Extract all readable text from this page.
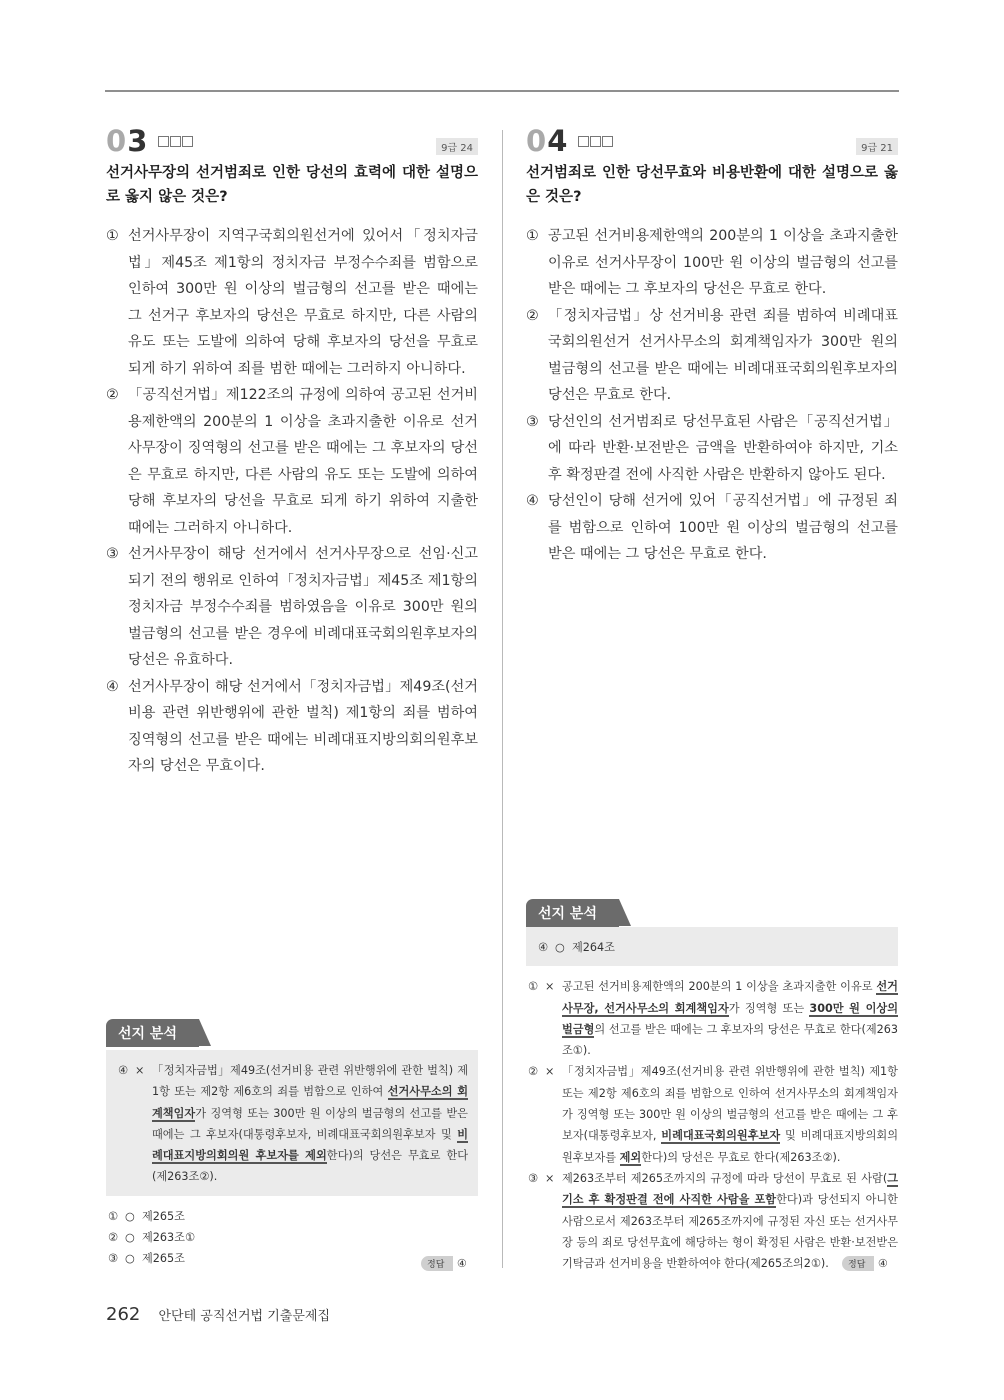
03	9급 24
선거사무장의 선거범죄로 인한 당선의 효력에 대한 설명으로 옳지 않은 것은?
① 선거사무장이 지역구국회의원선거에 있어서「정치자금법」제45조 제1항의 정치자금 부정수수죄를 범함으로 인하여 300만 원 이상의 벌금형의 선고를 받은 때에는 그 선거구 후보자의 당선은 무효로 하지만, 다른 사람의 유도 또는 도발에 의하여 당해 후보자의 당선을 무효로 되게 하기 위하여 죄를 범한 때에는 그러하지 아니하다.
② 「공직선거법」제122조의 규정에 의하여 공고된 선거비용제한액의 200분의 1 이상을 초과지출한 이유로 선거사무장이 징역형의 선고를 받은 때에는 그 후보자의 당선은 무효로 하지만, 다른 사람의 유도 또는 도발에 의하여 당해 후보자의 당선을 무효로 되게 하기 위하여 지출한 때에는 그러하지 아니하다.
③ 선거사무장이 해당 선거에서 선거사무장으로 선임·신고되기 전의 행위로 인하여「정치자금법」제45조 제1항의 정치자금 부정수수죄를 범하였음을 이유로 300만 원의 벌금형의 선고를 받은 경우에 비례대표국회의원후보자의 당선은 유효하다.
④ 선거사무장이 해당 선거에서「정치자금법」제49조(선거비용 관련 위반행위에 관한 벌칙) 제1항의 죄를 범하여 징역형의 선고를 받은 때에는 비례대표지방의회의원후보자의 당선은 무효이다.
04	9급 21
선거범죄로 인한 당선무효와 비용반환에 대한 설명으로 옳은 것은?
① 공고된 선거비용제한액의 200분의 1 이상을 초과지출한 이유로 선거사무장이 100만 원 이상의 벌금형의 선고를 받은 때에는 그 후보자의 당선은 무효로 한다.
② 「정치자금법」상 선거비용 관련 죄를 범하여 비례대표국회의원선거 선거사무소의 회계책임자가 300만 원의 벌금형의 선고를 받은 때에는 비례대표국회의원후보자의 당선은 무효로 한다.
③ 당선인의 선거범죄로 당선무효된 사람은「공직선거법」에 따라 반환·보전받은 금액을 반환하여야 하지만, 기소 후 확정판결 전에 사직한 사람은 반환하지 않아도 된다.
④ 당선인이 당해 선거에 있어「공직선거법」에 규정된 죄를 범함으로 인하여 100만 원 이상의 벌금형의 선고를 받은 때에는 그 당선은 무효로 한다.
선지 분석
④ × 「정치자금법」제49조(선거비용 관련 위반행위에 관한 벌칙) 제1항 또는 제2항 제6호의 죄를 범함으로 인하여 선거사무소의 회계책임자가 징역형 또는 300만 원 이상의 벌금형의 선고를 받은 때에는 그 후보자(대통령후보자, 비례대표국회의원후보자 및 비례대표지방의회의원 후보자를 제외한다)의 당선은 무효로 한다(제263조②).
① ○ 제265조
② ○ 제263조①
③ ○ 제265조	정답 ④
선지 분석
④ ○ 제264조
① × 공고된 선거비용제한액의 200분의 1 이상을 초과지출한 이유로 선거사무장, 선거사무소의 회계책임자가 징역형 또는 300만 원 이상의 벌금형의 선고를 받은 때에는 그 후보자의 당선은 무효로 한다(제263조①).
② × 「정치자금법」제49조(선거비용 관련 위반행위에 관한 벌칙) 제1항 또는 제2항 제6호의 죄를 범함으로 인하여 선거사무소의 회계책임자가 징역형 또는 300만 원 이상의 벌금형의 선고를 받은 때에는 그 후보자(대통령후보자, 비례대표국회의원후보자 및 비례대표지방의회의원후보자를 제외한다)의 당선은 무효로 한다(제263조②).
③ × 제263조부터 제265조까지의 규정에 따라 당선이 무효로 된 사람(그 기소 후 확정판결 전에 사직한 사람을 포함한다)과 당선되지 아니한 사람으로서 제263조부터 제265조까지에 규정된 자신 또는 선거사무장 등의 죄로 당선무효에 해당하는 형이 확정된 사람은 반환·보전받은 기탁금과 선거비용을 반환하여야 한다(제265조의2①).	정답 ④
262 안단테 공직선거법 기출문제집
